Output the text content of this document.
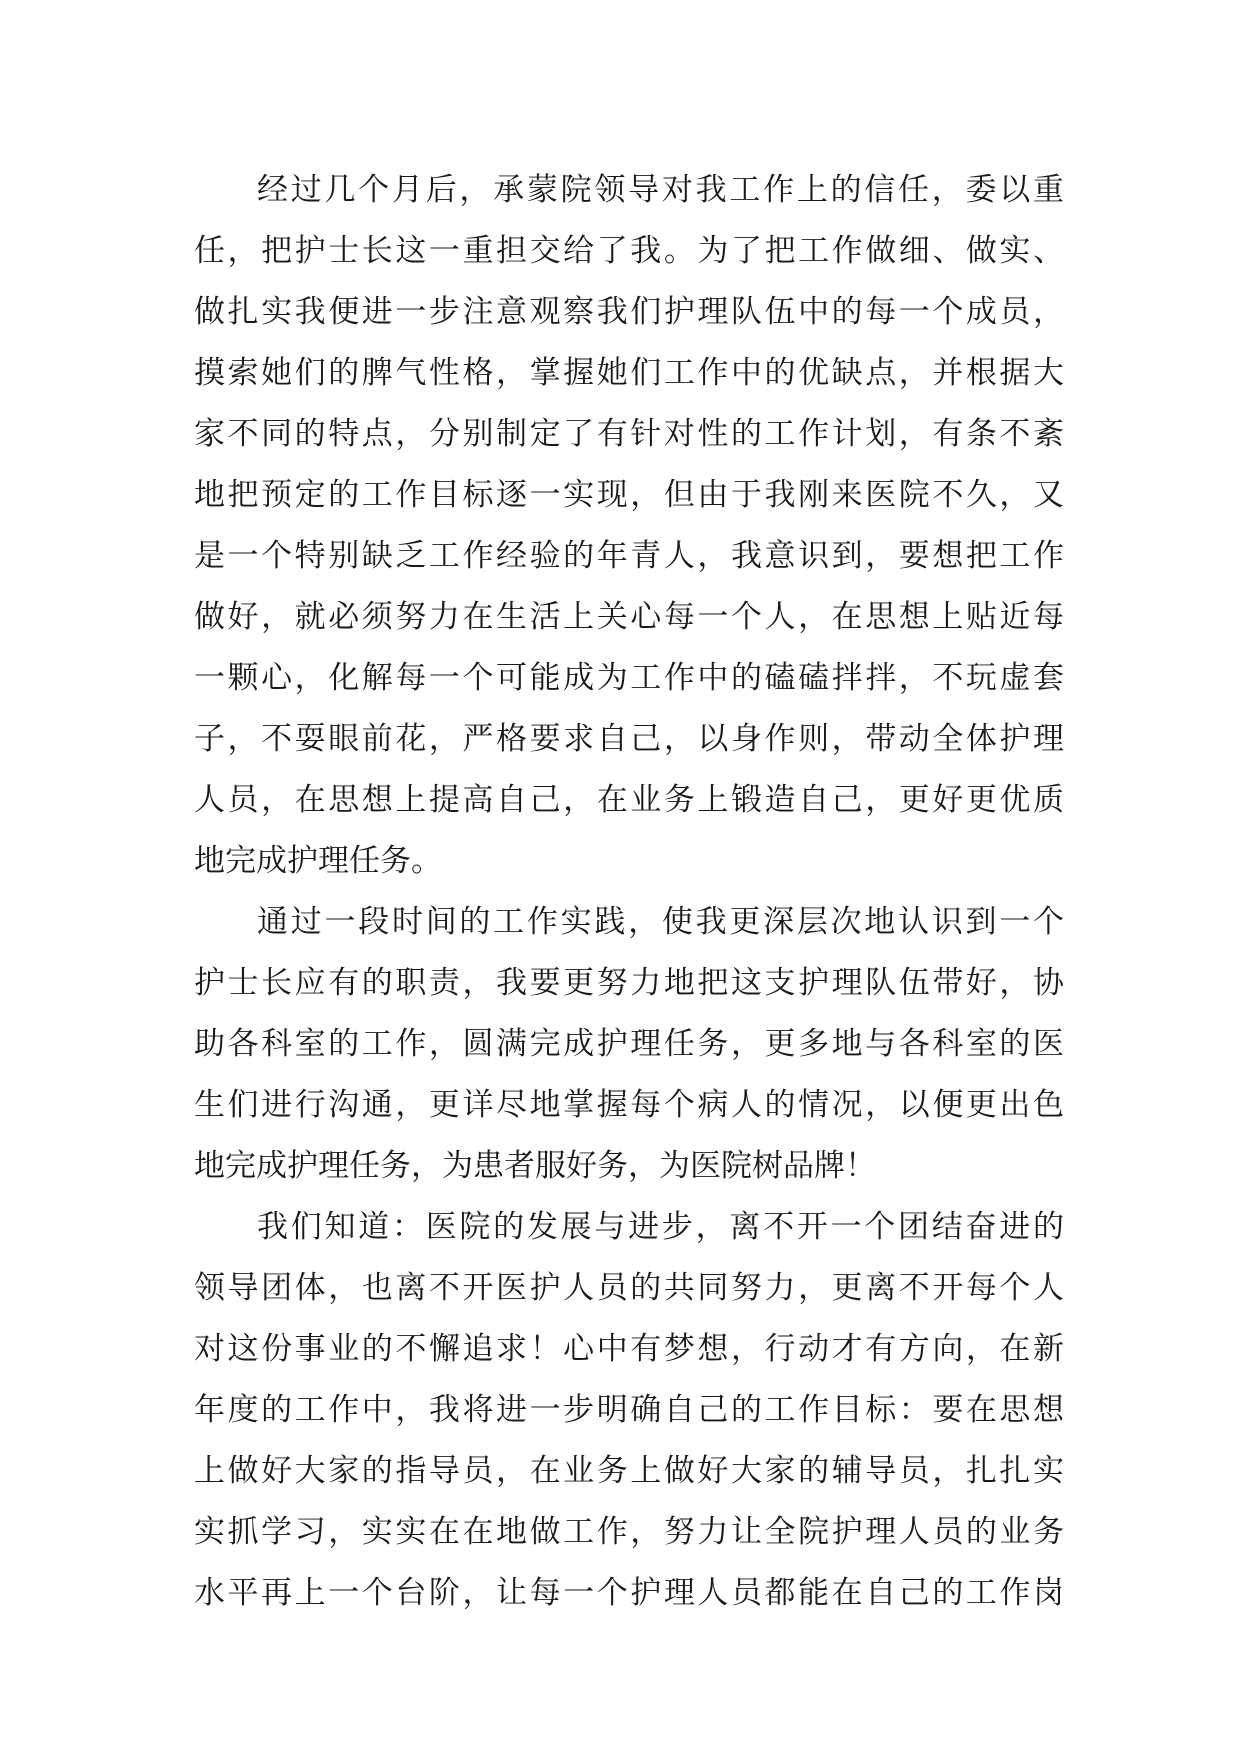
经过几个月后，承蒙院领导对我工作上的信任，委以重
任，把护士长这一重担交给了我。为了把工作做细、做实、
做扎实我便进一步注意观察我们护理队伍中的每一个成员，
摸索她们的脾气性格，掌握她们工作中的优缺点，并根据大
家不同的特点，分别制定了有针对性的工作计划，有条不紊
地把预定的工作目标逐一实现，但由于我刚来医院不久，又
是一个特别缺乏工作经验的年青人，我意识到，要想把工作
做好，就必须努力在生活上关心每一个人，在思想上贴近每
一颗心，化解每一个可能成为工作中的磕磕拌拌，不玩虚套
子，不耍眼前花，严格要求自己，以身作则，带动全体护理
人员，在思想上提高自己，在业务上锻造自己，更好更优质
地完成护理任务。
通过一段时间的工作实践，使我更深层次地认识到一个
护士长应有的职责，我要更努力地把这支护理队伍带好，协
助各科室的工作，圆满完成护理任务，更多地与各科室的医
生们进行沟通，更详尽地掌握每个病人的情况，以便更出色
地完成护理任务，为患者服好务，为医院树品牌！
我们知道：医院的发展与进步，离不开一个团结奋进的
领导团体，也离不开医护人员的共同努力，更离不开每个人
对这份事业的不懈追求！心中有梦想，行动才有方向，在新
年度的工作中，我将进一步明确自己的工作目标：要在思想
上做好大家的指导员，在业务上做好大家的辅导员，扎扎实
实抓学习，实实在在地做工作，努力让全院护理人员的业务
水平再上一个台阶，让每一个护理人员都能在自己的工作岗
